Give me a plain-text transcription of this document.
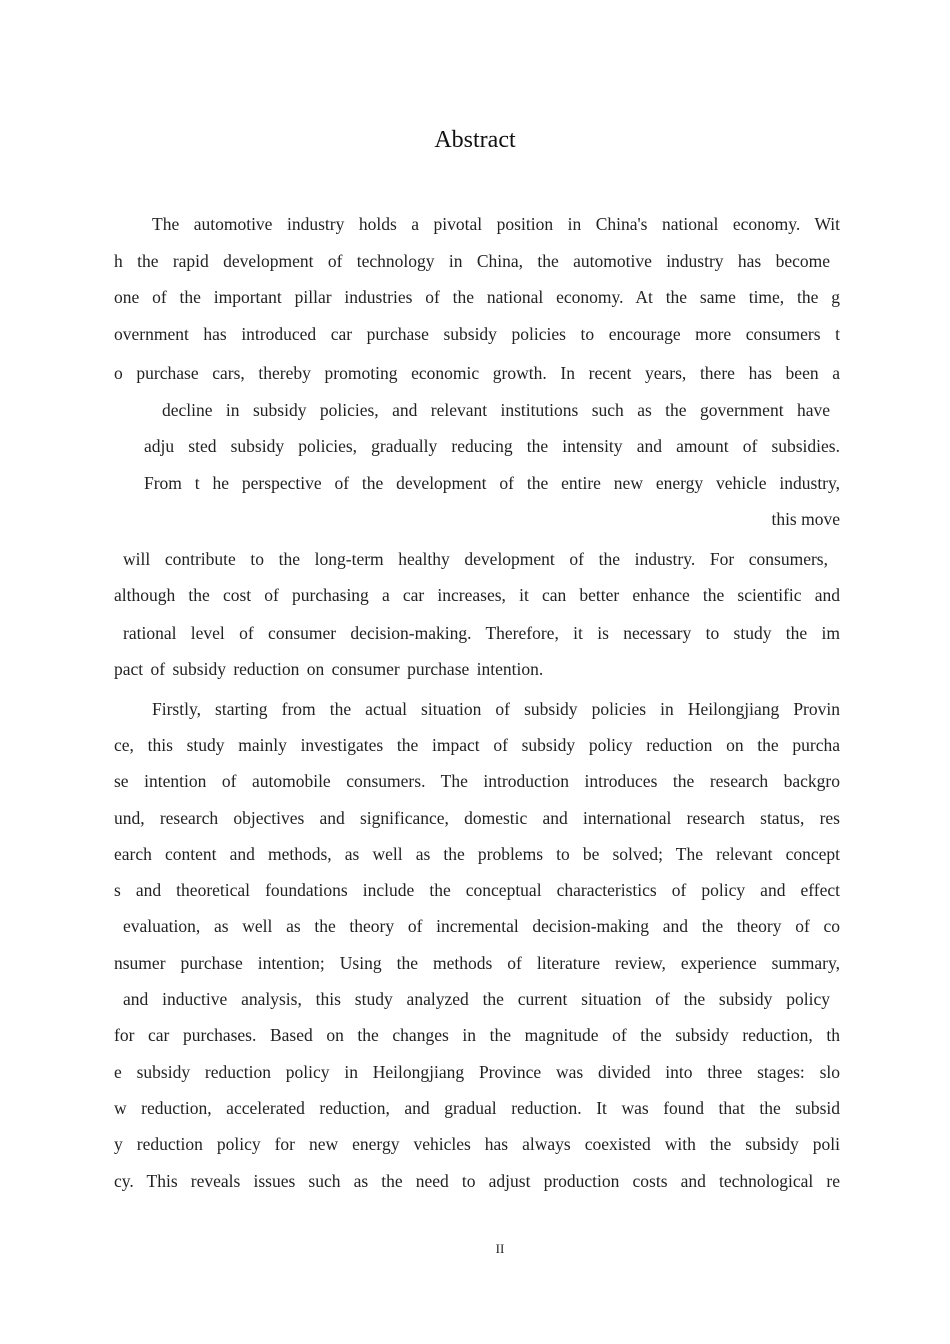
Abstract
The automotive industry holds a pivotal position in China's national economy. Wit
h the rapid development of technology in China, the automotive industry has become
one of the important pillar industries of the national economy. At the same time, the g
overnment has introduced car purchase subsidy policies to encourage more consumers t
o purchase cars, thereby promoting economic growth. In recent years, there has been a
decline in subsidy policies, and relevant institutions such as the government have
adju sted subsidy policies, gradually reducing the intensity and amount of subsidies.
From t he perspective of the development of the entire new energy vehicle industry,
this move
will contribute to the long-term healthy development of the industry. For consumers,
although the cost of purchasing a car increases, it can better enhance the scientific and
rational level of consumer decision-making. Therefore, it is necessary to study the im
pact of subsidy reduction on consumer purchase intention.
Firstly, starting from the actual situation of subsidy policies in Heilongjiang Provin
ce, this study mainly investigates the impact of subsidy policy reduction on the purcha
se intention of automobile consumers. The introduction introduces the research backgro
und, research objectives and significance, domestic and international research status, res
earch content and methods, as well as the problems to be solved; The relevant concept
s and theoretical foundations include the conceptual characteristics of policy and effect
evaluation, as well as the theory of incremental decision-making and the theory of co
nsumer purchase intention; Using the methods of literature review, experience summary,
and inductive analysis, this study analyzed the current situation of the subsidy policy
for car purchases. Based on the changes in the magnitude of the subsidy reduction, th
e subsidy reduction policy in Heilongjiang Province was divided into three stages: slo
w reduction, accelerated reduction, and gradual reduction. It was found that the subsid
y reduction policy for new energy vehicles has always coexisted with the subsidy poli
cy. This reveals issues such as the need to adjust production costs and technological re
II
